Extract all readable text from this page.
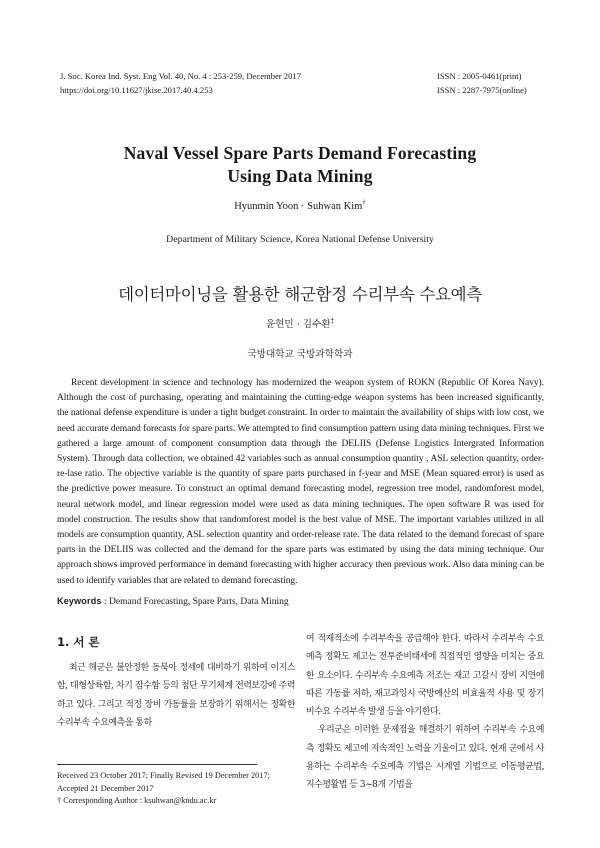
J. Soc. Korea Ind. Syst. Eng Vol. 40, No. 4 : 253-259, December 2017
https://doi.org/10.11627/jkise.2017.40.4.253
ISSN : 2005-0461(print)
ISSN : 2287-7975(online)
Naval Vessel Spare Parts Demand Forecasting
Using Data Mining
Hyunmin Yoon · Suhwan Kim†
Department of Military Science, Korea National Defense University
데이터마이닝을 활용한 해군함정 수리부속 수요예측
윤현민 · 김수환†
국방대학교 국방과학학과
Recent development in science and technology has modernized the weapon system of ROKN (Republic Of Korea Navy). Although the cost of purchasing, operating and maintaining the cutting-edge weapon systems has been increased significantly, the national defense expenditure is under a tight budget constraint. In order to maintain the availability of ships with low cost, we need accurate demand forecasts for spare parts. We attempted to find consumption pattern using data mining techniques. First we gathered a large amount of component consumption data through the DELIIS (Defense Logistics Intergrated Information System). Through data collection, we obtained 42 variables such as annual consumption quantity , ASL selection quantity, order-re-lase ratio. The objective variable is the quantity of spare parts purchased in f-year and MSE (Mean squared error) is used as the predictive power measure. To construct an optimal demand forecasting model, regression tree model, randomforest model, neural network model, and linear regression model were used as data mining techniques. The open software R was used for model construction. The results show that randomforest model is the best value of MSE. The important variables utilized in all models are consumption quantity, ASL selection quantity and order-release rate. The data related to the demand forecast of spare parts in the DELIIS was collected and the demand for the spare parts was estimated by using the data mining technique. Our approach shows improved performance in demand forecasting with higher accuracy then previous work. Also data mining can be used to identify variables that are related to demand forecasting.
Keywords : Demand Forecasting, Spare Parts, Data Mining
1. 서 론

최근 해군은 불안정한 동북아 정세에 대비하기 위하여 이지스함, 대형상륙함, 차기 잠수함 등의 첨단 무기체계 전력보강에 주력하고 있다. 그리고 적정 장비 가동률을 보장하기 위해서는 정확한 수리부속 수요예측을 통하

여 적재적소에 수리부속을 공급해야 한다. 따라서 수리부속 수요예측 정확도 제고는 전투준비태세에 직접적인 영향을 미치는 중요한 요소이다. 수리부속 수요예측 저조는 재고 고갈시 장비 지연에 따른 가동률 저하, 재고과잉시 국방예산의 비효율적 사용 및 장기 비수요 수리부속 발생 등을 야기한다.

우리군은 이러한 문제점을 해결하기 위하여 수리부속 수요예측 정확도 제고에 지속적인 노력을 기울이고 있다. 현재 군에서 사용하는 수리부속 수요예측 기법은 시계열 기법으로 이동평균법, 지수평활법 등 3~8개 기법을

Received 23 October 2017; Finally Revised 19 December 2017;
Accepted 21 December 2017
† Corresponding Author : ksuhwan@kndu.ac.kr
